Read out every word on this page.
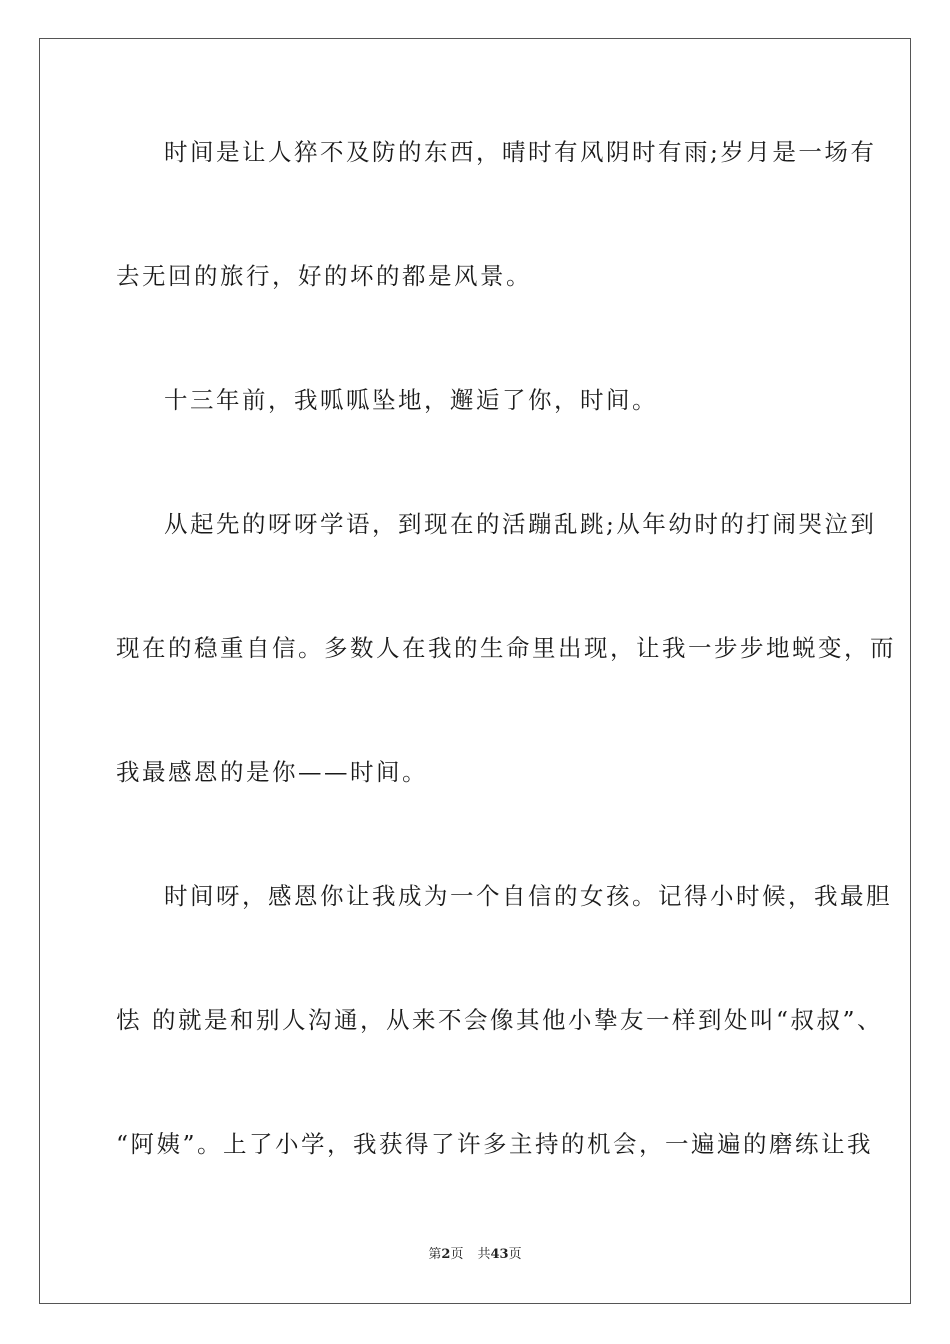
时间是让人猝不及防的东西，晴时有风阴时有雨;岁月是一场有
去无回的旅行，好的坏的都是风景。
十三年前，我呱呱坠地，邂逅了你，时间。
从起先的呀呀学语，到现在的活蹦乱跳;从年幼时的打闹哭泣到
现在的稳重自信。多数人在我的生命里出现，让我一步步地蜕变，而
我最感恩的是你——时间。
时间呀，感恩你让我成为一个自信的女孩。记得小时候，我最胆
怯 的就是和别人沟通，从来不会像其他小挚友一样到处叫“叔叔”、
“阿姨”。上了小学，我获得了许多主持的机会，一遍遍的磨练让我
第2页 共43页
